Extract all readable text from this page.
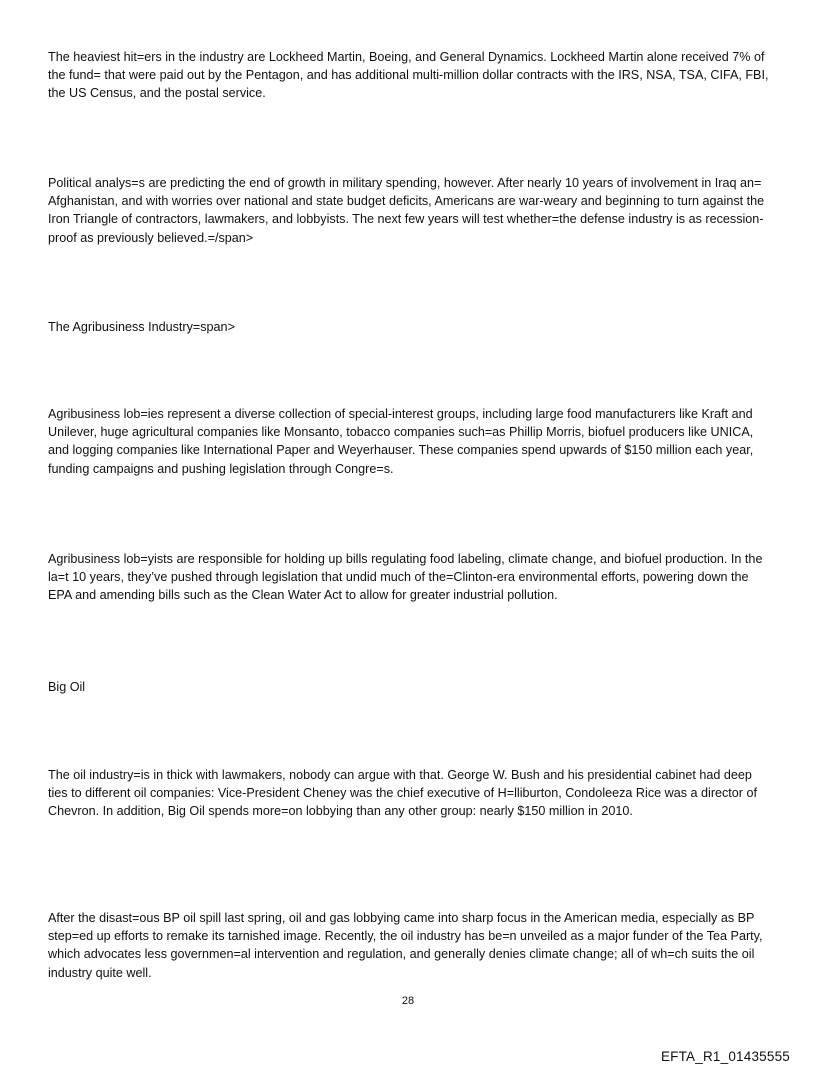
The heaviest hit=ers in the industry are Lockheed Martin, Boeing, and General Dynamics. Lockheed Martin alone received 7% of the fund= that were paid out by the Pentagon, and has additional multi-million dollar contracts with the IRS, NSA, TSA, CIFA, FBI, the US Census, and the postal service.

Political analys=s are predicting the end of growth in military spending, however. After nearly 10 years of involvement in Iraq an= Afghanistan, and with worries over national and state budget deficits, Americans are war-weary and beginning to turn against the Iron Triangle of contractors, lawmakers, and lobbyists. The next few years will test whether=the defense industry is as recession-proof as previously believed.=/span>

The Agribusiness Industry=span>

Agribusiness lob=ies represent a diverse collection of special-interest groups, including large food manufacturers like Kraft and Unilever, huge agricultural companies like Monsanto, tobacco companies such=as Phillip Morris, biofuel producers like UNICA, and logging companies like International Paper and Weyerhauser. These companies spend upwards of $150 million each year, funding campaigns and pushing legislation through Congre=s.

Agribusiness lob=yists are responsible for holding up bills regulating food labeling, climate change, and biofuel production. In the la=t 10 years, they’ve pushed through legislation that undid much of the=Clinton-era environmental efforts, powering down the EPA and amending bills such as the Clean Water Act to allow for greater industrial pollution.

Big Oil

The oil industry=is in thick with lawmakers, nobody can argue with that. George W. Bush and his presidential cabinet had deep ties to different oil companies: Vice-President Cheney was the chief executive of H=lliburton, Condoleeza Rice was a director of Chevron. In addition, Big Oil spends more=on lobbying than any other group: nearly $150 million in 2010.

After the disast=ous BP oil spill last spring, oil and gas lobbying came into sharp focus in the American media, especially as BP step=ed up efforts to remake its tarnished image. Recently, the oil industry has be=n unveiled as a major funder of the Tea Party, which advocates less governmen=al intervention and regulation, and generally denies climate change; all of wh=ch suits the oil industry quite well.

28
EFTA_R1_01435555
